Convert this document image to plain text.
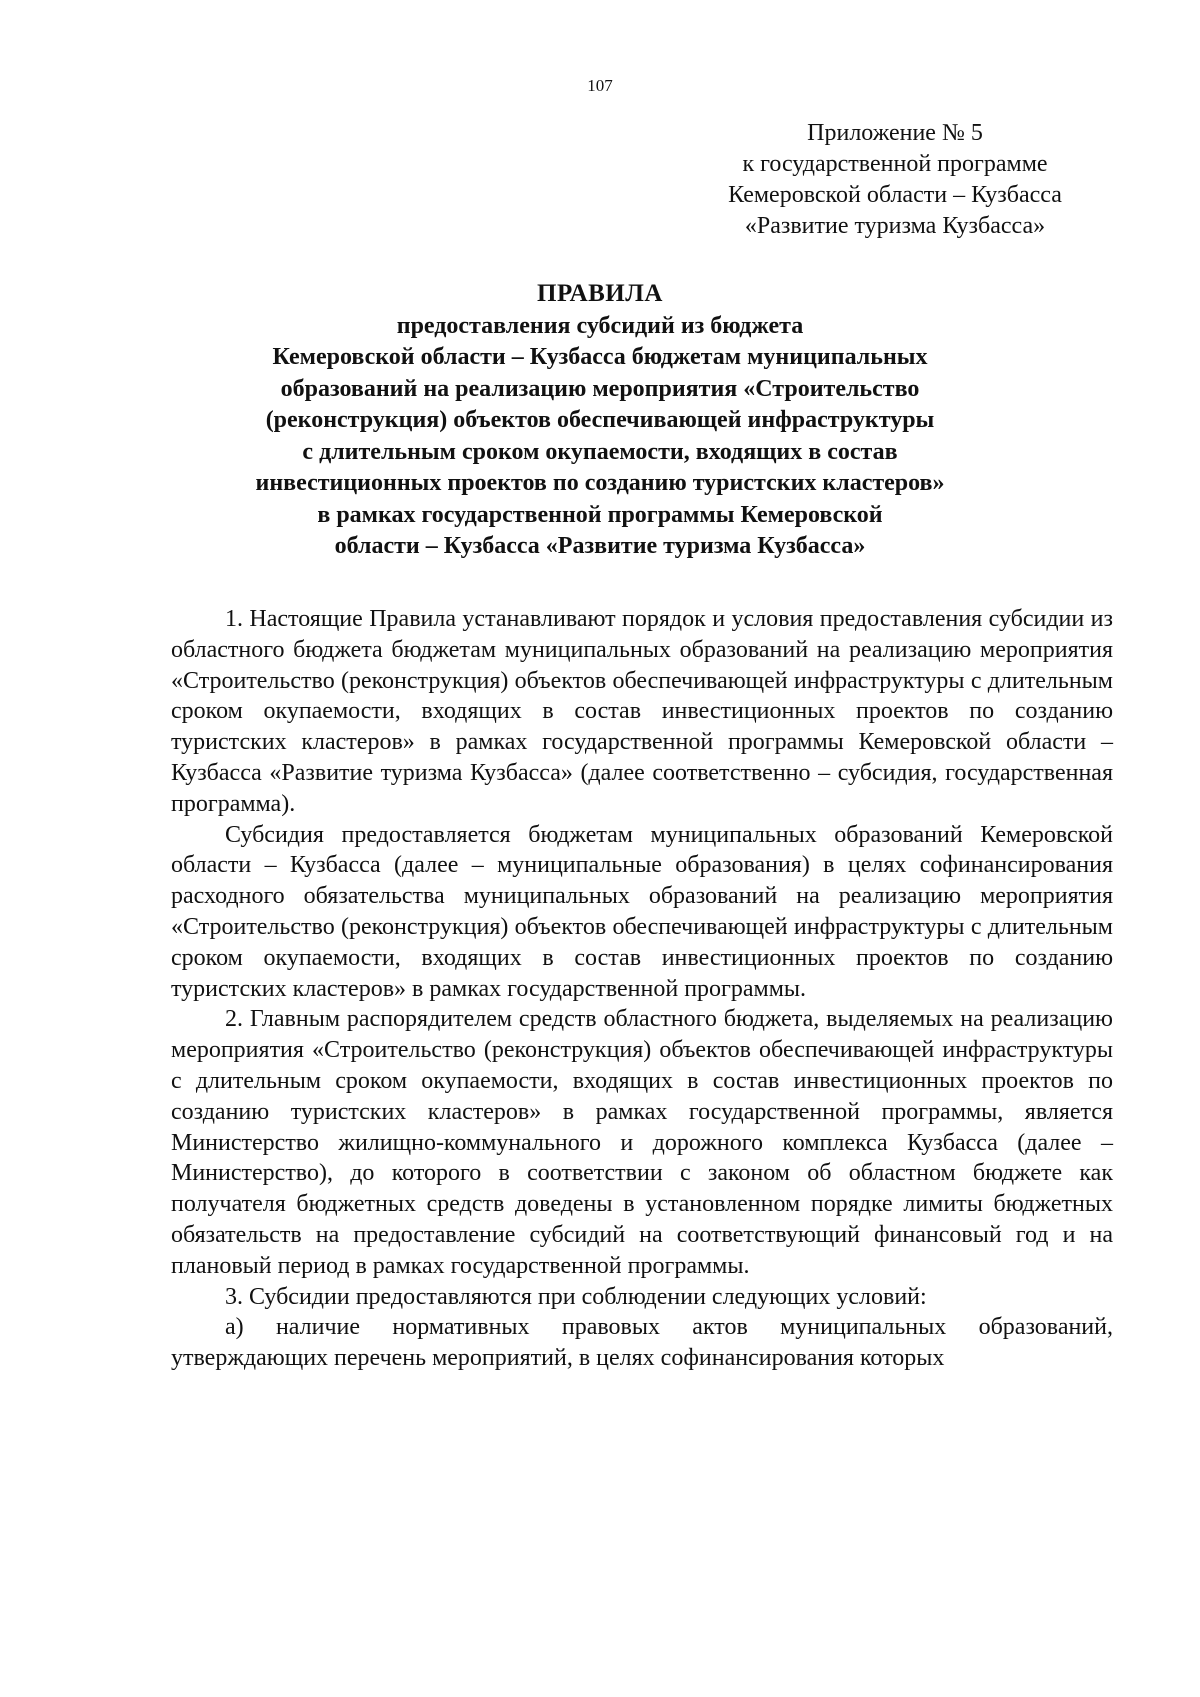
107
Приложение № 5
к государственной программе
Кемеровской области – Кузбасса
«Развитие туризма Кузбасса»
ПРАВИЛА
предоставления субсидий из бюджета
Кемеровской области – Кузбасса бюджетам муниципальных
образований на реализацию мероприятия «Строительство
(реконструкция) объектов обеспечивающей инфраструктуры
с длительным сроком окупаемости, входящих в состав
инвестиционных проектов по созданию туристских кластеров»
в рамках государственной программы Кемеровской
области – Кузбасса «Развитие туризма Кузбасса»

1. Настоящие Правила устанавливают порядок и условия предоставления субсидии из областного бюджета бюджетам муниципальных образований на реализацию мероприятия «Строительство (реконструкция) объектов обеспечивающей инфраструктуры с длительным сроком окупаемости, входящих в состав инвестиционных проектов по созданию туристских кластеров» в рамках государственной программы Кемеровской области – Кузбасса «Развитие туризма Кузбасса» (далее соответственно – субсидия, государственная программа).

Субсидия предоставляется бюджетам муниципальных образований Кемеровской области – Кузбасса (далее – муниципальные образования) в целях софинансирования расходного обязательства муниципальных образований на реализацию мероприятия «Строительство (реконструкция) объектов обеспечивающей инфраструктуры с длительным сроком окупаемости, входящих в состав инвестиционных проектов по созданию туристских кластеров» в рамках государственной программы.

2. Главным распорядителем средств областного бюджета, выделяемых на реализацию мероприятия «Строительство (реконструкция) объектов обеспечивающей инфраструктуры с длительным сроком окупаемости, входящих в состав инвестиционных проектов по созданию туристских кластеров» в рамках государственной программы, является Министерство жилищно-коммунального и дорожного комплекса Кузбасса (далее – Министерство), до которого в соответствии с законом об областном бюджете как получателя бюджетных средств доведены в установленном порядке лимиты бюджетных обязательств на предоставление субсидий на соответствующий финансовый год и на плановый период в рамках государственной программы.

3. Субсидии предоставляются при соблюдении следующих условий:

а) наличие нормативных правовых актов муниципальных образований, утверждающих перечень мероприятий, в целях софинансирования которых
